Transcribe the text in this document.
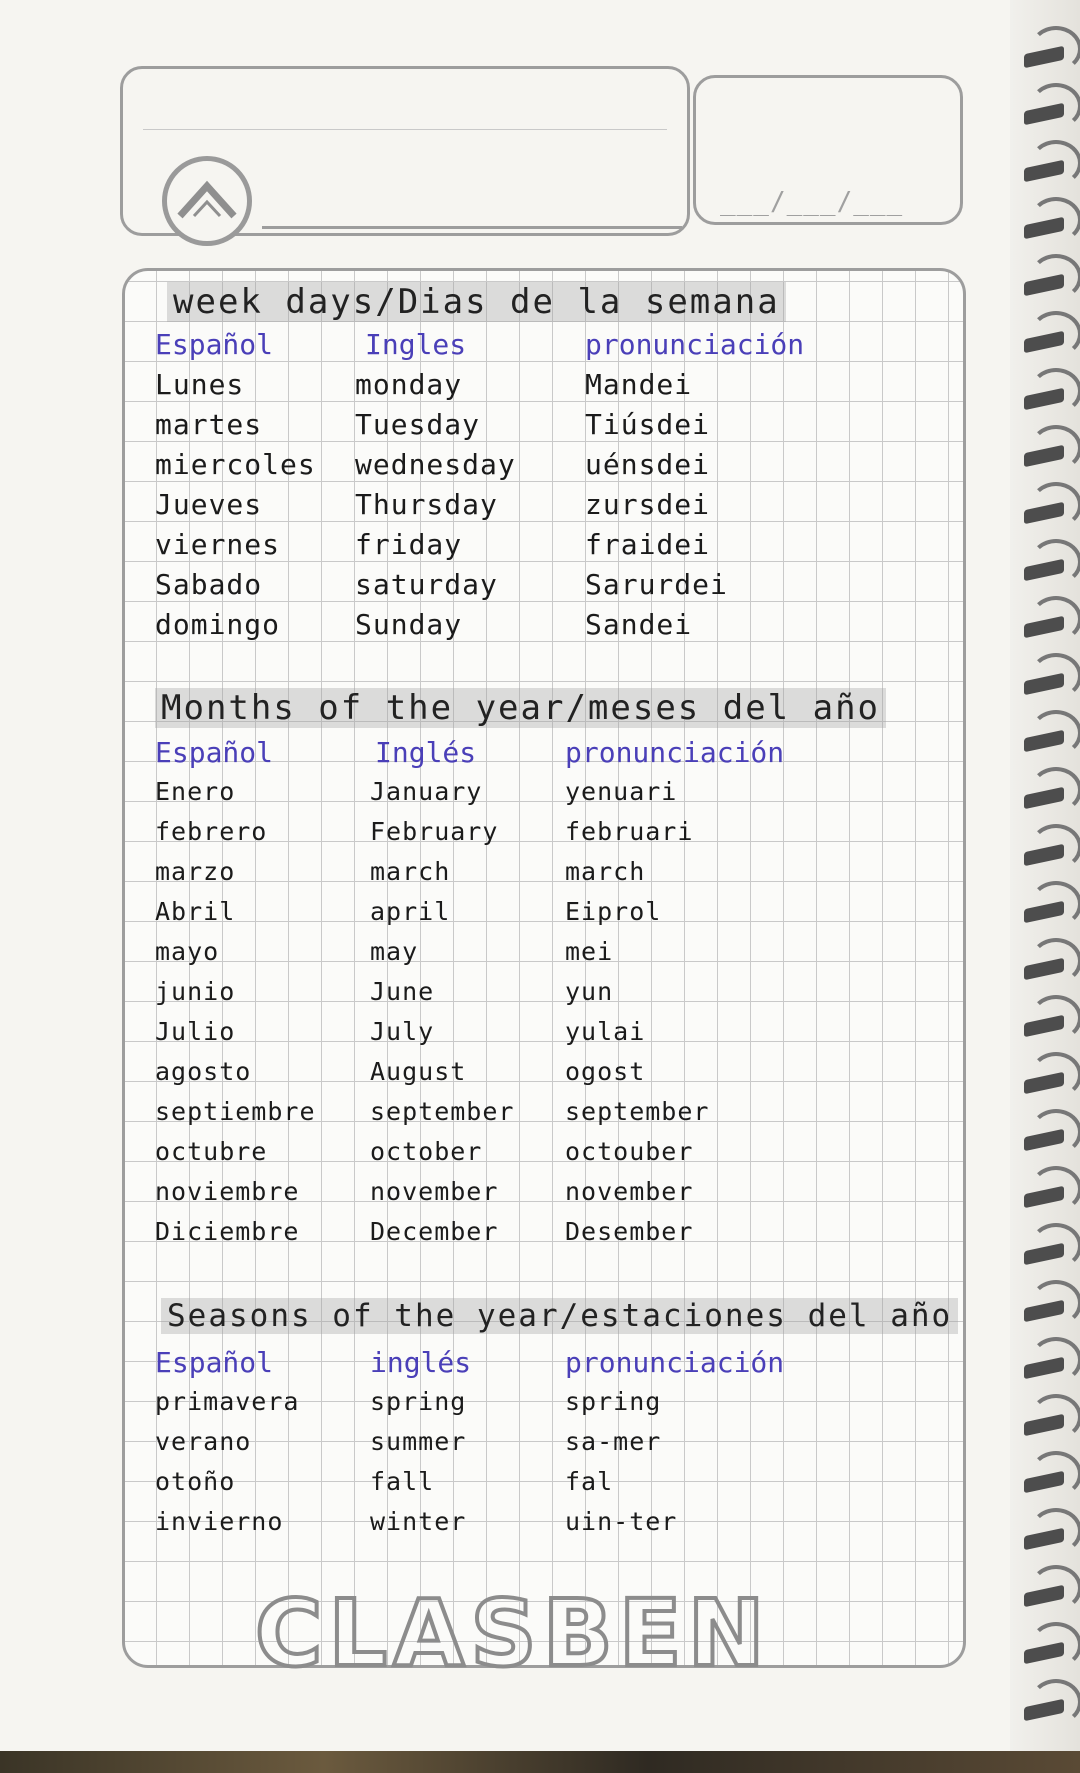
___/___/___
week days/Dias de la semana
Español	Ingles	pronunciación
Lunes	monday	Mandei
martes	Tuesday	Tiúsdei
miercoles wednesday uénsdei
Jueves	Thursday	zursdei
viernes	friday	fraidei
Sabado	saturday	Sarurdei
domingo	Sunday	Sandei
Months of the year/meses del año
Español	Inglés	pronunciación
Enero	January	yenuari
febrero	February	februari
marzo	march	march
Abril	april	Eiprol
mayo	may	mei
junio	June	yun
Julio	July	yulai
agosto	August	ogost
septiembre september september
octubre	october	octouber
noviembre	november	november
Diciembre	December	Desember
Seasons of the year/estaciones del año
Español	inglés	pronunciación
primavera	spring	spring
verano	summer	sa-mer
otoño	fall	fal
invierno	winter	uin-ter
CLASBEN
